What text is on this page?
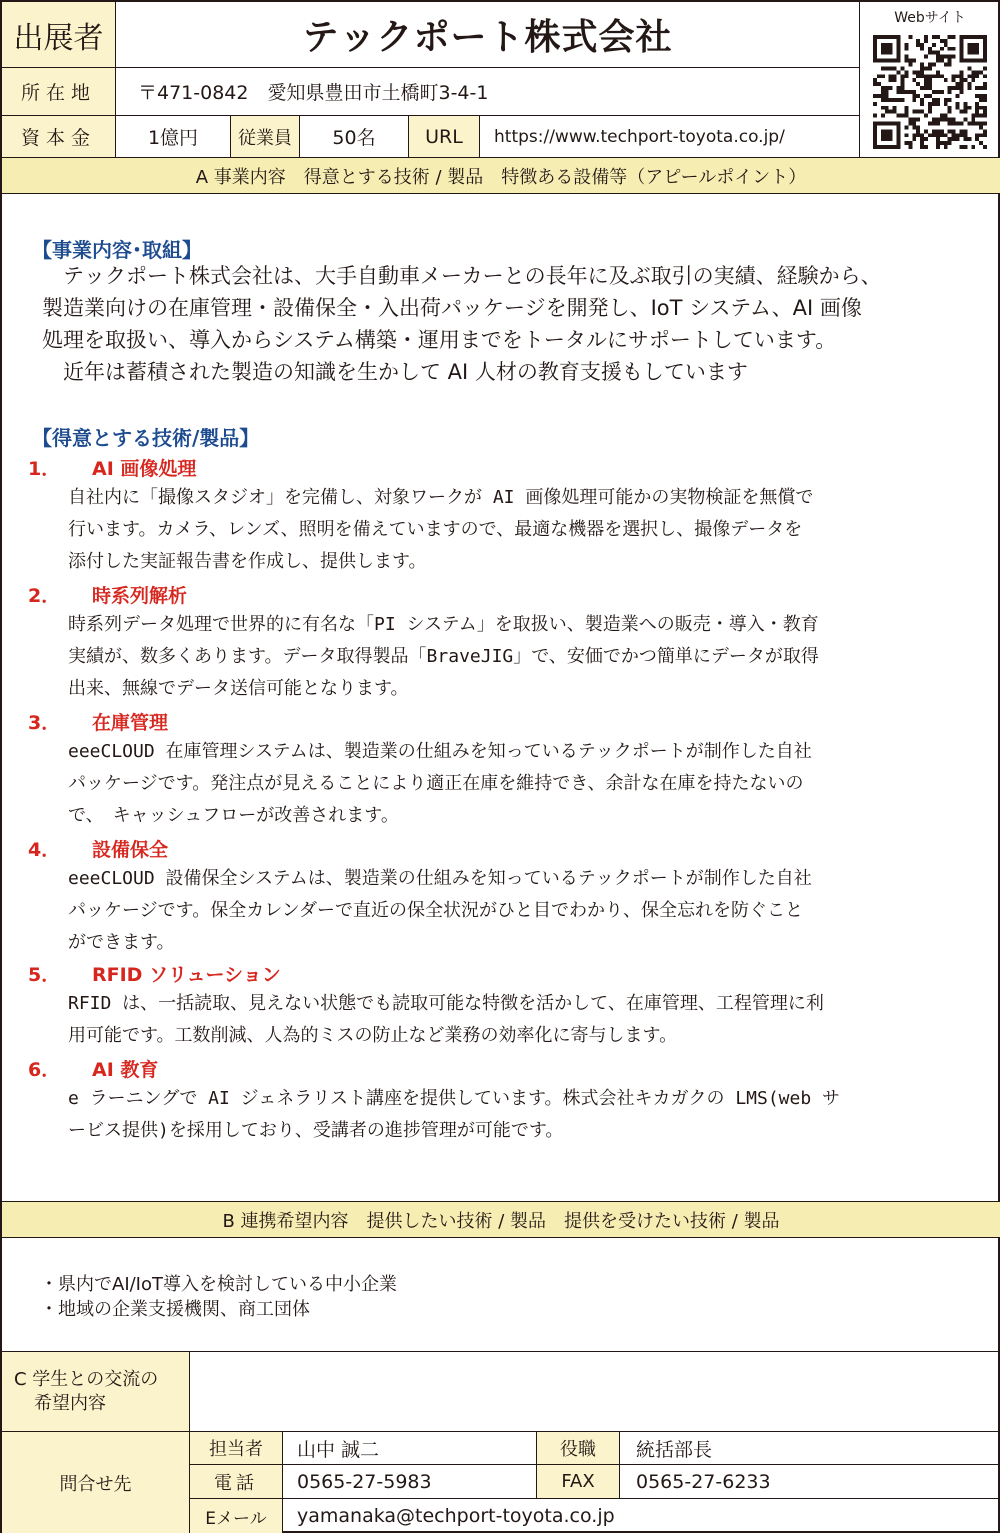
出展者	テックポート株式会社	Webサイト
所在地	〒471-0842　愛知県豊田市土橋町3-4-1
資本金	1億円	従業員	50名	URL	https://www.techport-toyota.co.jp/
A 事業内容　得意とする技術 / 製品　特徴ある設備等（アピールポイント）
【事業内容･取組】
　テックポート株式会社は、大手自動車メーカーとの長年に及ぶ取引の実績、経験から、
製造業向けの在庫管理・設備保全・入出荷パッケージを開発し、IoT システム、AI 画像
処理を取扱い、導入からシステム構築・運用までをトータルにサポートしています。
　近年は蓄積された製造の知識を生かして AI 人材の教育支援もしています
【得意とする技術/製品】
1． AI 画像処理
自社内に「撮像スタジオ」を完備し、対象ワークが AI 画像処理可能かの実物検証を無償で
行います。カメラ、レンズ、照明を備えていますので、最適な機器を選択し、撮像データを
添付した実証報告書を作成し、提供します。
2． 時系列解析
時系列データ処理で世界的に有名な「PI システム」を取扱い、製造業への販売・導入・教育
実績が、数多くあります。データ取得製品「BraveJIG」で、安価でかつ簡単にデータが取得
出来、無線でデータ送信可能となります。
3． 在庫管理
eeeCLOUD 在庫管理システムは、製造業の仕組みを知っているテックポートが制作した自社
パッケージです。発注点が見えることにより適正在庫を維持でき、余計な在庫を持たないの
で、　キャッシュフローが改善されます。
4． 設備保全
eeeCLOUD 設備保全システムは、製造業の仕組みを知っているテックポートが制作した自社
パッケージです。保全カレンダーで直近の保全状況がひと目でわかり、保全忘れを防ぐこと
ができます。
5． RFID ソリューション
RFID は、一括読取、見えない状態でも読取可能な特徴を活かして、在庫管理、工程管理に利
用可能です。工数削減、人為的ミスの防止など業務の効率化に寄与します。
6． AI 教育
e ラーニングで AI ジェネラリスト講座を提供しています。株式会社キカガクの LMS(web サ
ービス提供)を採用しており、受講者の進捗管理が可能です。
B 連携希望内容　提供したい技術 / 製品　提供を受けたい技術 / 製品
・県内でAI/IoT導入を検討している中小企業
・地域の企業支援機関、商工団体
C 学生との交流の
希望内容
問合せ先
担当者	山中 誠二	役職	統括部長
電話	0565-27-5983	FAX	0565-27-6233
Eメール	yamanaka@techport-toyota.co.jp
